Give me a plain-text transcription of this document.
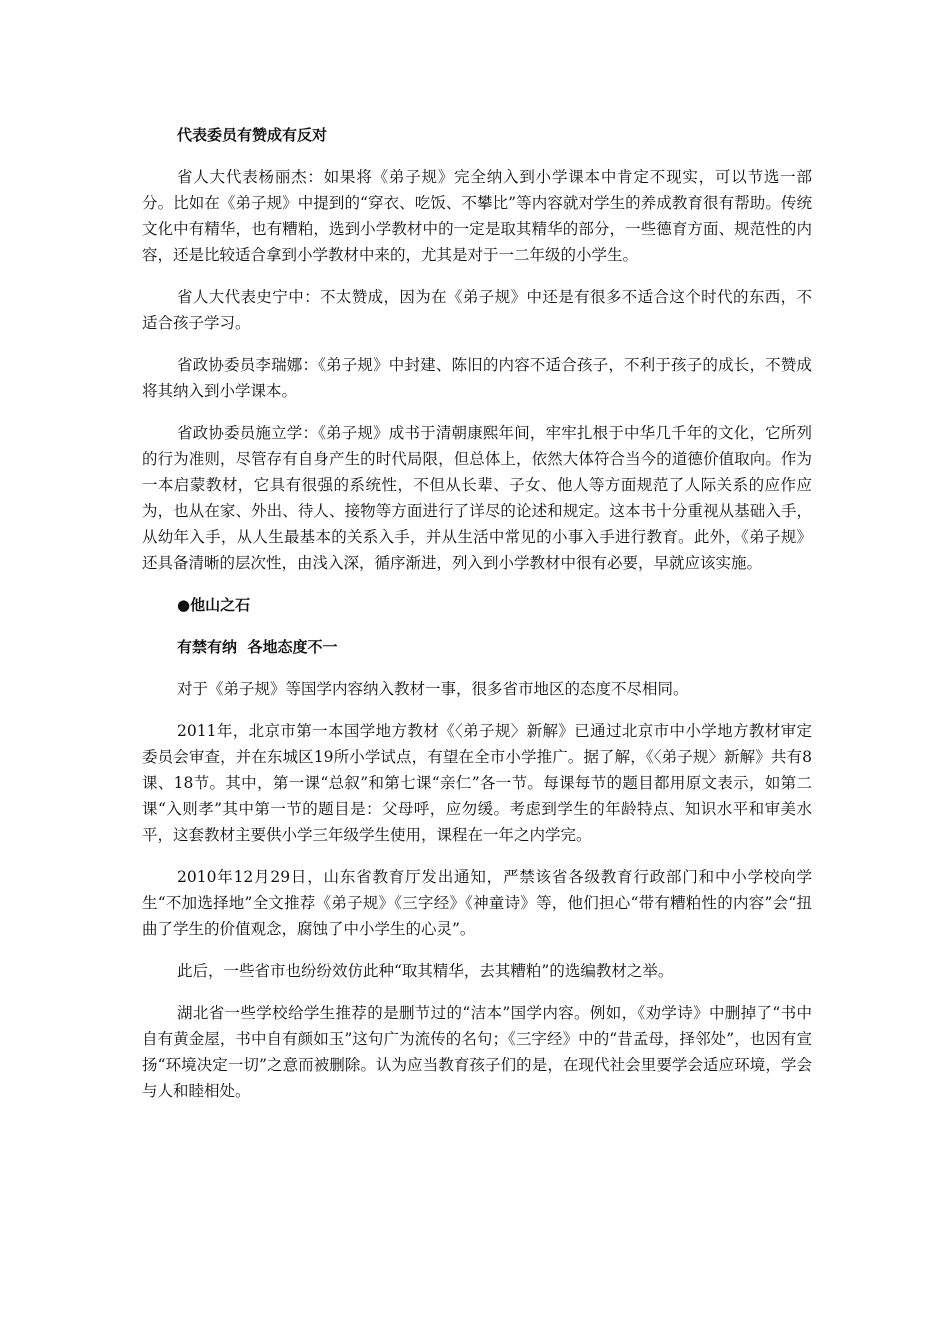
代表委员有赞成有反对

省人大代表杨丽杰：如果将《弟子规》完全纳入到小学课本中肯定不现实，可以节选一部分。比如在《弟子规》中提到的“穿衣、吃饭、不攀比”等内容就对学生的养成教育很有帮助。传统文化中有精华，也有糟粕，选到小学教材中的一定是取其精华的部分，一些德育方面、规范性的内容，还是比较适合拿到小学教材中来的，尤其是对于一二年级的小学生。

省人大代表史宁中：不太赞成，因为在《弟子规》中还是有很多不适合这个时代的东西，不适合孩子学习。

省政协委员李瑞娜：《弟子规》中封建、陈旧的内容不适合孩子，不利于孩子的成长，不赞成将其纳入到小学课本。

省政协委员施立学：《弟子规》成书于清朝康熙年间，牢牢扎根于中华几千年的文化，它所列的行为准则，尽管存有自身产生的时代局限，但总体上，依然大体符合当今的道德价值取向。作为一本启蒙教材，它具有很强的系统性，不但从长辈、子女、他人等方面规范了人际关系的应作应为，也从在家、外出、待人、接物等方面进行了详尽的论述和规定。这本书十分重视从基础入手，从幼年入手，从人生最基本的关系入手，并从生活中常见的小事入手进行教育。此外，《弟子规》还具备清晰的层次性，由浅入深，循序渐进，列入到小学教材中很有必要，早就应该实施。

●他山之石
有禁有纳  各地态度不一

对于《弟子规》等国学内容纳入教材一事，很多省市地区的态度不尽相同。

2011年，北京市第一本国学地方教材《〈弟子规〉新解》已通过北京市中小学地方教材审定委员会审查，并在东城区19所小学试点，有望在全市小学推广。据了解，《〈弟子规〉新解》共有8课、18节。其中，第一课“总叙”和第七课“亲仁”各一节。每课每节的题目都用原文表示，如第二课“入则孝”其中第一节的题目是：父母呼，应勿缓。考虑到学生的年龄特点、知识水平和审美水平，这套教材主要供小学三年级学生使用，课程在一年之内学完。

2010年12月29日，山东省教育厅发出通知，严禁该省各级教育行政部门和中小学校向学生“不加选择地”全文推荐《弟子规》《三字经》《神童诗》等，他们担心“带有糟粕性的内容”会“扭曲了学生的价值观念，腐蚀了中小学生的心灵”。

此后，一些省市也纷纷效仿此种“取其精华，去其糟粕”的选编教材之举。

湖北省一些学校给学生推荐的是删节过的“洁本”国学内容。例如，《劝学诗》中删掉了“书中自有黄金屋，书中自有颜如玉”这句广为流传的名句；《三字经》中的“昔孟母，择邻处”，也因有宣扬“环境决定一切”之意而被删除。认为应当教育孩子们的是，在现代社会里要学会适应环境，学会与人和睦相处。
